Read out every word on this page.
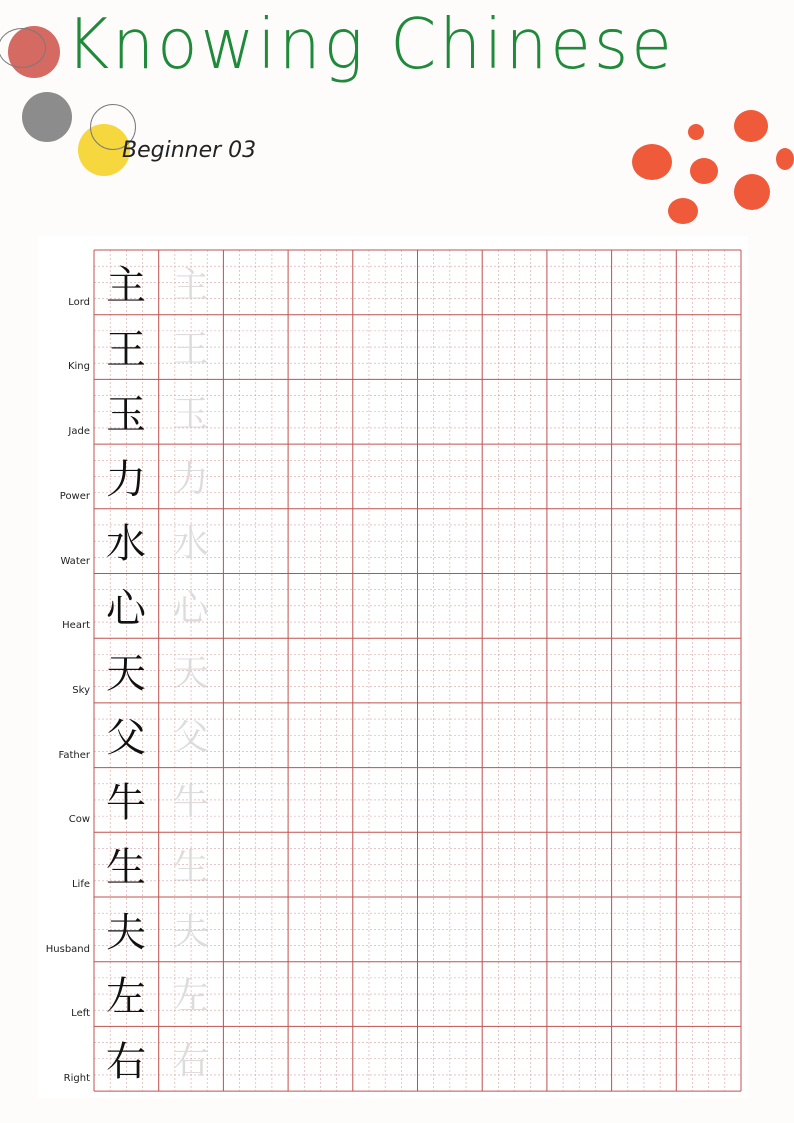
Knowing Chinese
Beginner 03
Lord 主 主
King 王 王
Jade 玉 玉
Power 力 力
Water 水 水
Heart 心 心
Sky 天 天
Father 父 父
Cow 牛 牛
Life 生 生
Husband 夫 夫
Left 左 左
Right 右 右
